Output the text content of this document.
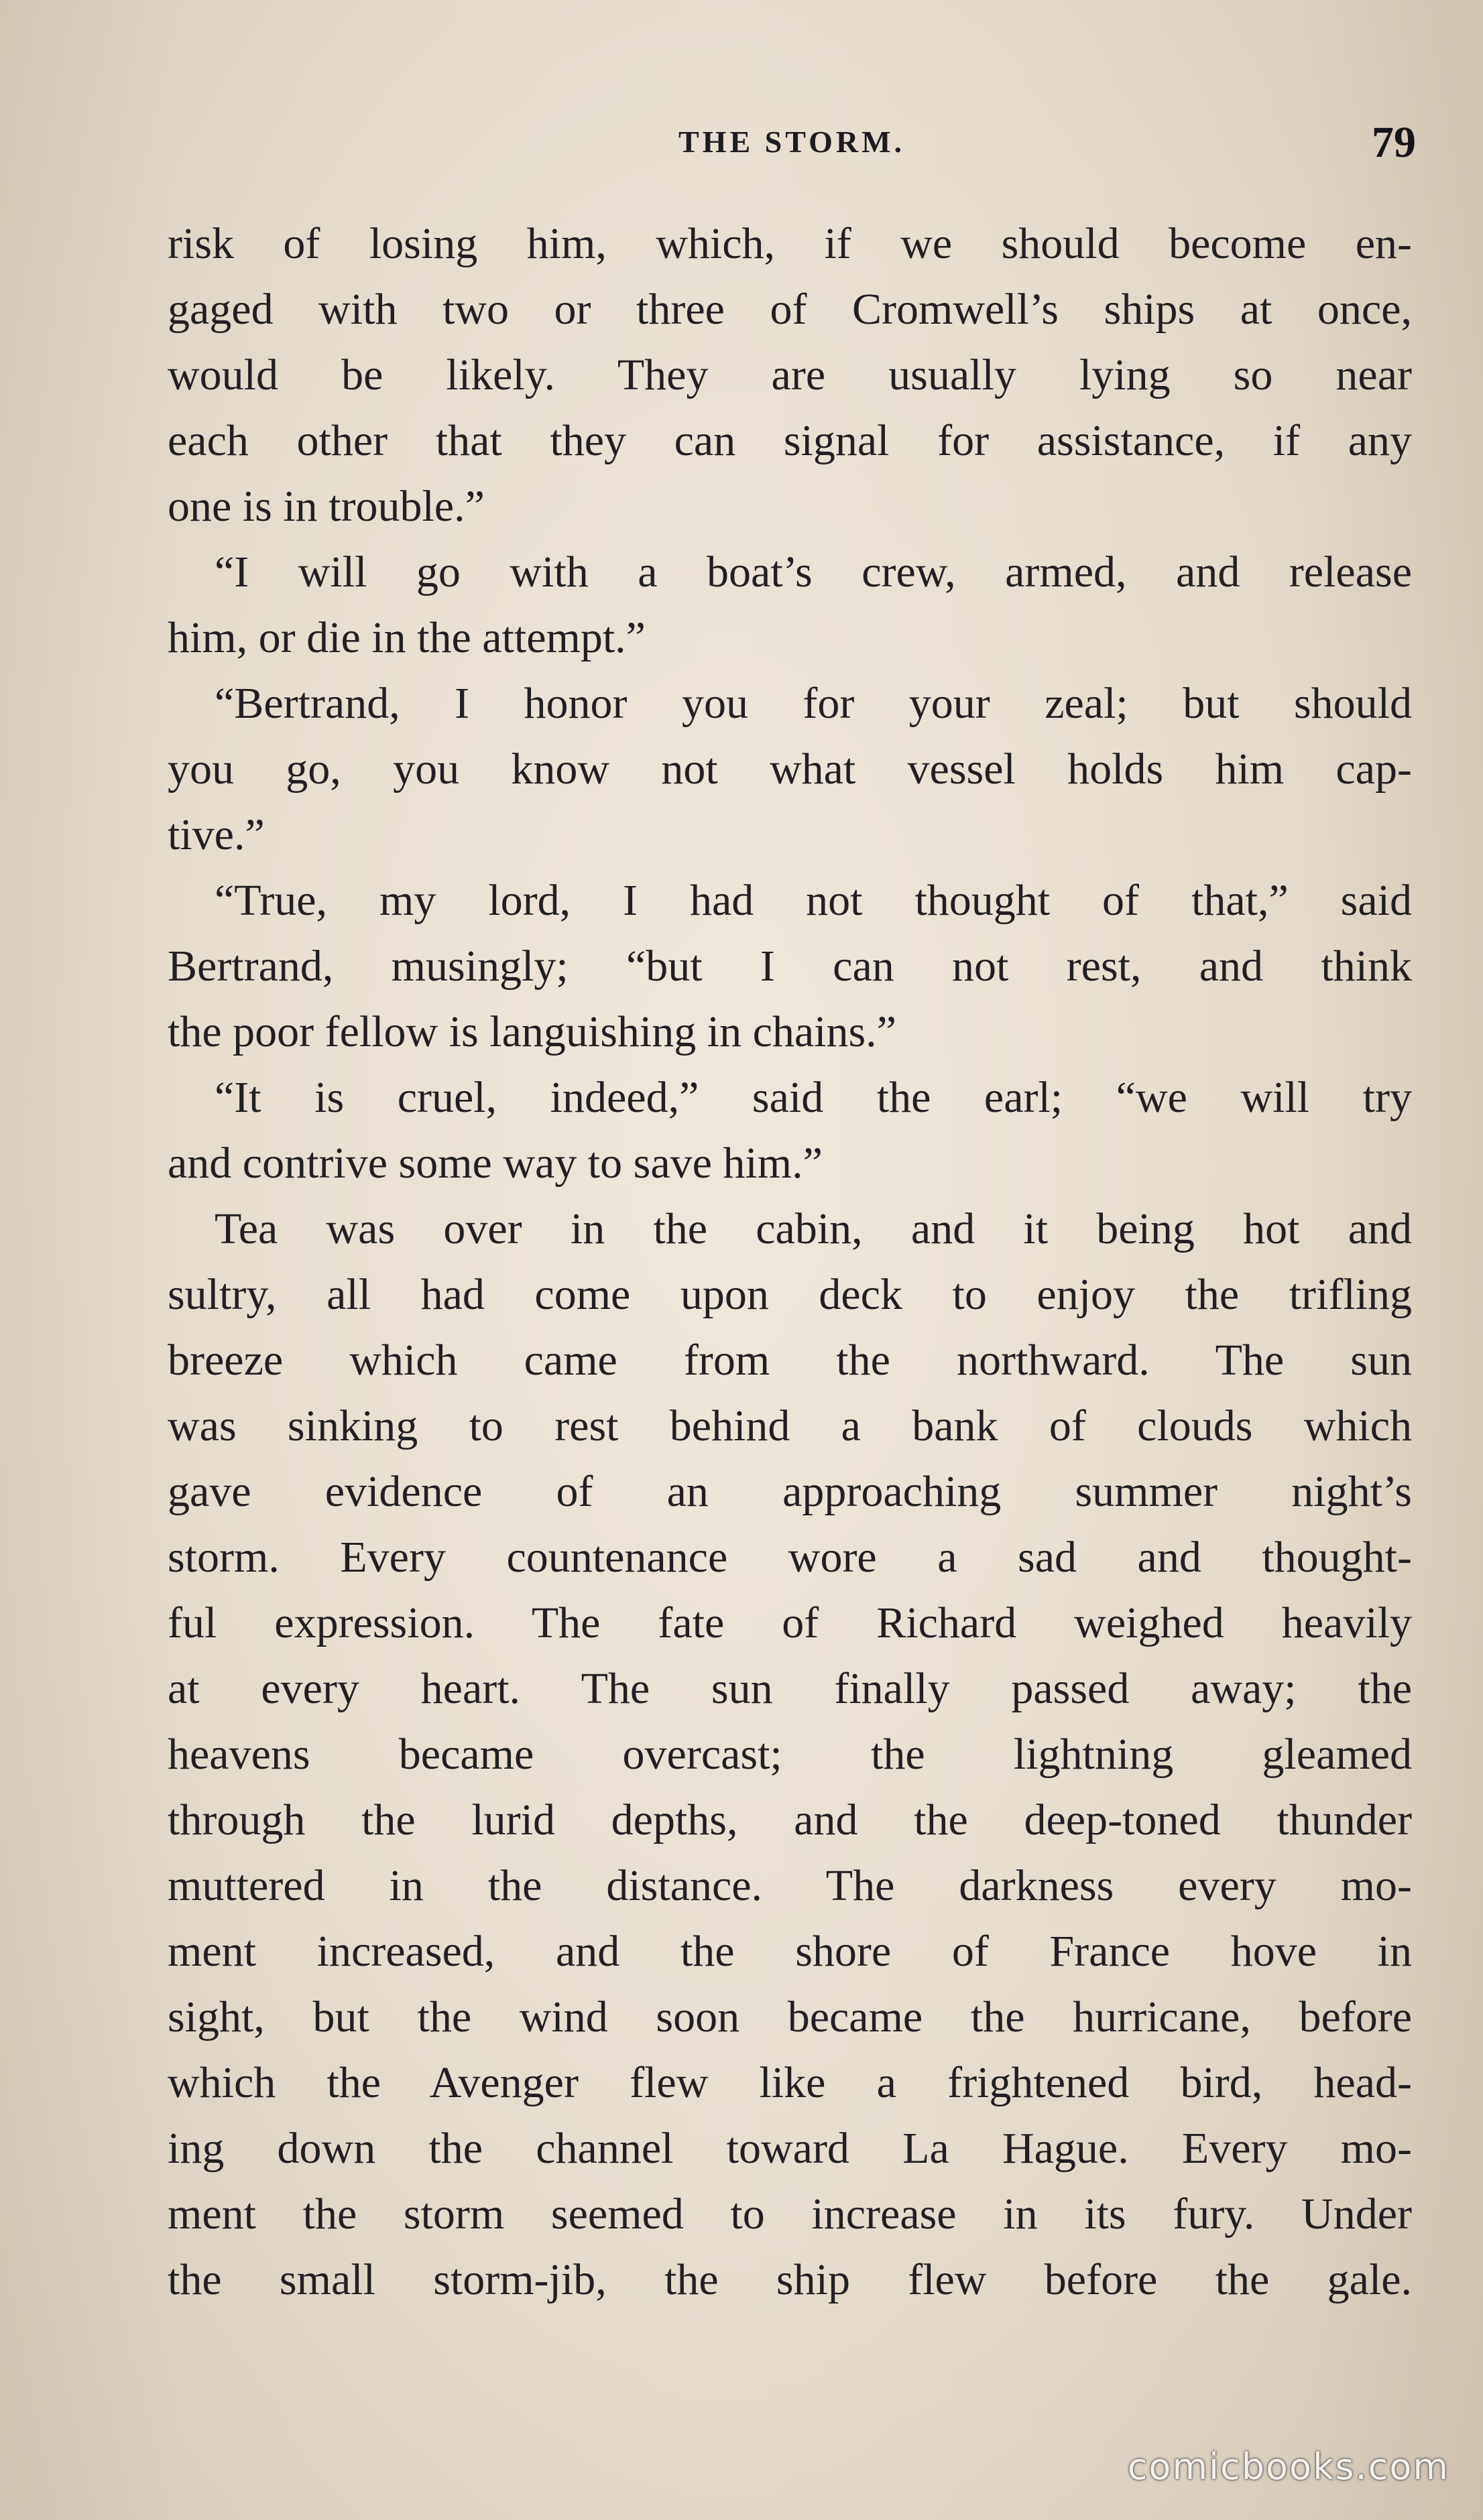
THE STORM.	79
risk of losing him, which, if we should become en-
gaged with two or three of Cromwell’s ships at once,
would be likely. They are usually lying so near
each other that they can signal for assistance, if any
one is in trouble.”
“I will go with a boat’s crew, armed, and release
him, or die in the attempt.”
“Bertrand, I honor you for your zeal; but should
you go, you know not what vessel holds him cap-
tive.”
“True, my lord, I had not thought of that,” said
Bertrand, musingly; “but I can not rest, and think
the poor fellow is languishing in chains.”
“It is cruel, indeed,” said the earl; “we will try
and contrive some way to save him.”
Tea was over in the cabin, and it being hot and
sultry, all had come upon deck to enjoy the trifling
breeze which came from the northward. The sun
was sinking to rest behind a bank of clouds which
gave evidence of an approaching summer night’s
storm. Every countenance wore a sad and thought-
ful expression. The fate of Richard weighed heavily
at every heart. The sun finally passed away; the
heavens became overcast; the lightning gleamed
through the lurid depths, and the deep-toned thunder
muttered in the distance. The darkness every mo-
ment increased, and the shore of France hove in
sight, but the wind soon became the hurricane, before
which the Avenger flew like a frightened bird, head-
ing down the channel toward La Hague. Every mo-
ment the storm seemed to increase in its fury. Under
the small storm-jib, the ship flew before the gale.
comicbooks.com
